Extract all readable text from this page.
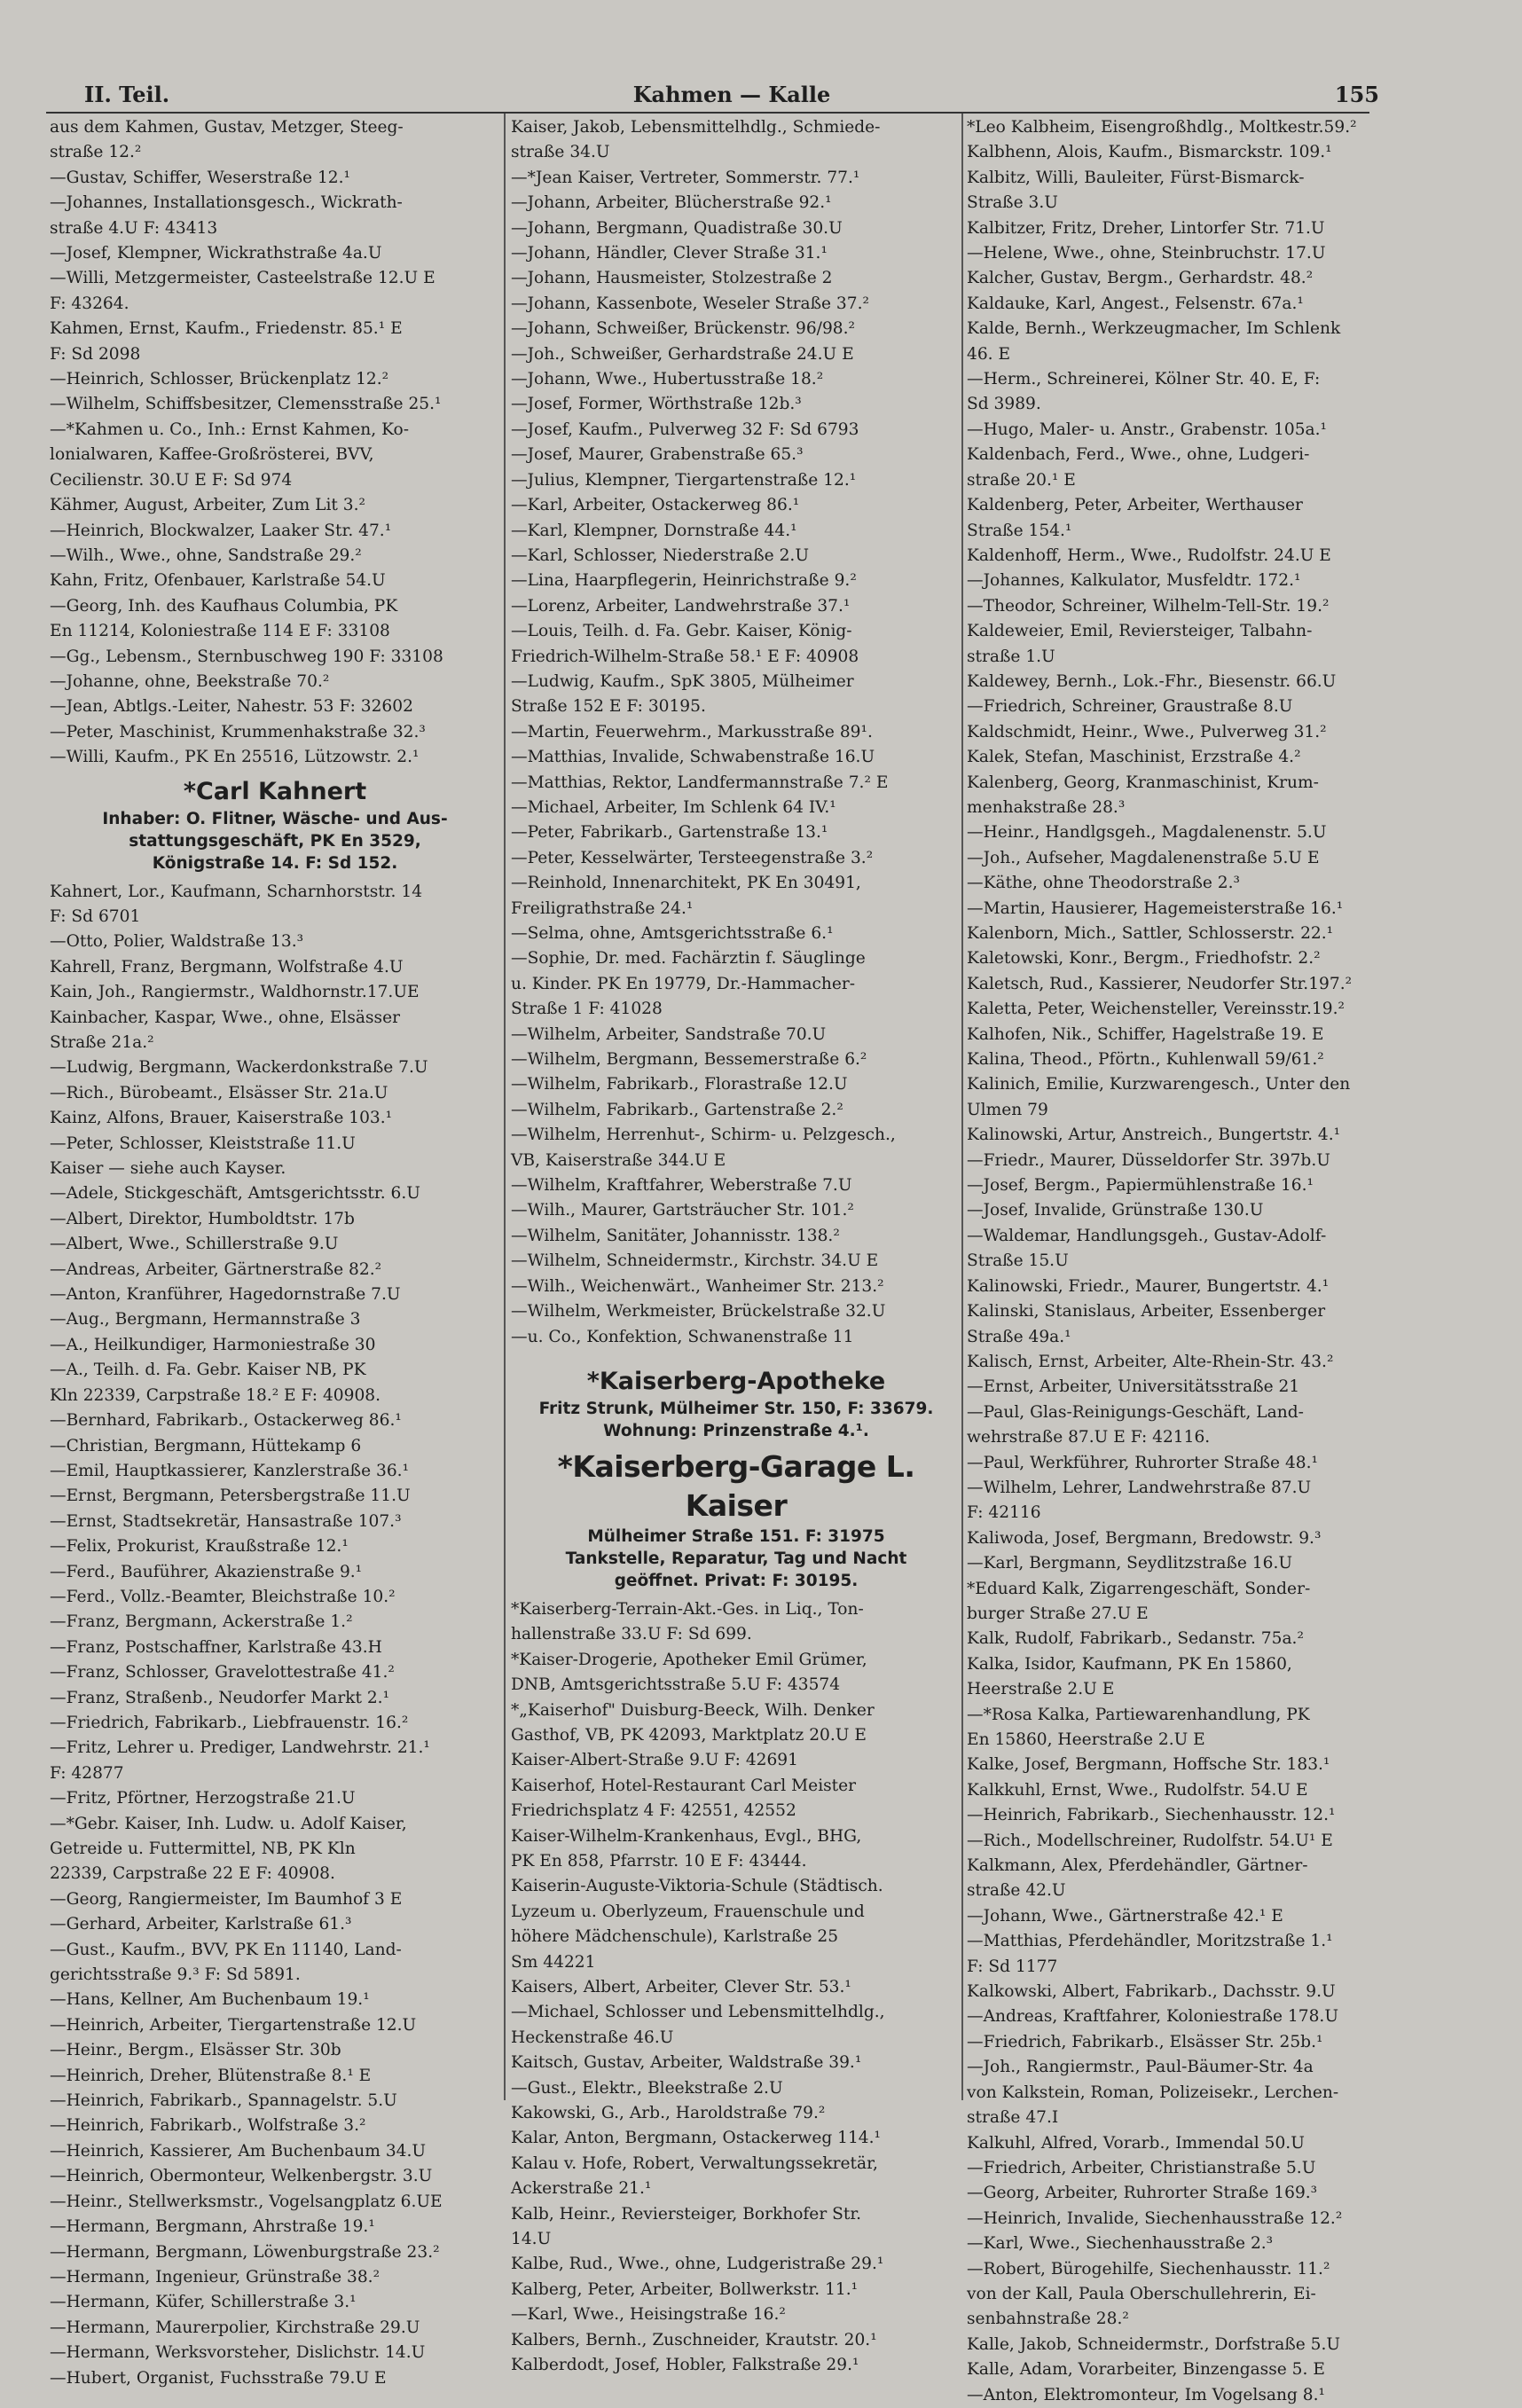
II. Teil.	Kahmen — Kalle	155
aus dem Kahmen, Gustav, Metzger, Steeg-
straße 12.²
—Gustav, Schiffer, Weserstraße 12.¹
—Johannes, Installationsgesch., Wickrath-
straße 4.U F: 43413
—Josef, Klempner, Wickrathstraße 4a.U
—Willi, Metzgermeister, Casteelstraße 12.U E
F: 43264.
Kahmen, Ernst, Kaufm., Friedenstr. 85.¹ E
F: Sd 2098
—Heinrich, Schlosser, Brückenplatz 12.²
—Wilhelm, Schiffsbesitzer, Clemensstraße 25.¹
—*Kahmen u. Co., Inh.: Ernst Kahmen, Ko-
lonialwaren, Kaffee-Großrösterei, BVV,
Cecilienstr. 30.U E F: Sd 974
Kähmer, August, Arbeiter, Zum Lit 3.²
—Heinrich, Blockwalzer, Laaker Str. 47.¹
—Wilh., Wwe., ohne, Sandstraße 29.²
Kahn, Fritz, Ofenbauer, Karlstraße 54.U
—Georg, Inh. des Kaufhaus Columbia, PK
En 11214, Koloniestraße 114 E F: 33108
—Gg., Lebensm., Sternbuschweg 190 F: 33108
—Johanne, ohne, Beekstraße 70.²
—Jean, Abtlgs.-Leiter, Nahestr. 53 F: 32602
—Peter, Maschinist, Krummenhakstraße 32.³
—Willi, Kaufm., PK En 25516, Lützowstr. 2.¹
*Carl Kahnert
Inhaber: O. Flitner, Wäsche- und Aus-
stattungsgeschäft, PK En 3529,
Königstraße 14. F: Sd 152.
Kahnert, Lor., Kaufmann, Scharnhorststr. 14
F: Sd 6701
—Otto, Polier, Waldstraße 13.³
Kahrell, Franz, Bergmann, Wolfstraße 4.U
Kain, Joh., Rangiermstr., Waldhornstr.17.UE
Kainbacher, Kaspar, Wwe., ohne, Elsässer
Straße 21a.²
—Ludwig, Bergmann, Wackerdonkstraße 7.U
—Rich., Bürobeamt., Elsässer Str. 21a.U
Kainz, Alfons, Brauer, Kaiserstraße 103.¹
—Peter, Schlosser, Kleiststraße 11.U
Kaiser — siehe auch Kayser.
—Adele, Stickgeschäft, Amtsgerichtsstr. 6.U
—Albert, Direktor, Humboldtstr. 17b
—Albert, Wwe., Schillerstraße 9.U
—Andreas, Arbeiter, Gärtnerstraße 82.²
—Anton, Kranführer, Hagedornstraße 7.U
—Aug., Bergmann, Hermannstraße 3
—A., Heilkundiger, Harmoniestraße 30
—A., Teilh. d. Fa. Gebr. Kaiser NB, PK
Kln 22339, Carpstraße 18.² E F: 40908.
—Bernhard, Fabrikarb., Ostackerweg 86.¹
—Christian, Bergmann, Hüttekamp 6
—Emil, Hauptkassierer, Kanzlerstraße 36.¹
—Ernst, Bergmann, Petersbergstraße 11.U
—Ernst, Stadtsekretär, Hansastraße 107.³
—Felix, Prokurist, Kraußstraße 12.¹
—Ferd., Bauführer, Akazienstraße 9.¹
—Ferd., Vollz.-Beamter, Bleichstraße 10.²
—Franz, Bergmann, Ackerstraße 1.²
—Franz, Postschaffner, Karlstraße 43.H
—Franz, Schlosser, Gravelottestraße 41.²
—Franz, Straßenb., Neudorfer Markt 2.¹
—Friedrich, Fabrikarb., Liebfrauenstr. 16.²
—Fritz, Lehrer u. Prediger, Landwehrstr. 21.¹
F: 42877
—Fritz, Pförtner, Herzogstraße 21.U
—*Gebr. Kaiser, Inh. Ludw. u. Adolf Kaiser,
Getreide u. Futtermittel, NB, PK Kln
22339, Carpstraße 22 E F: 40908.
—Georg, Rangiermeister, Im Baumhof 3 E
—Gerhard, Arbeiter, Karlstraße 61.³
—Gust., Kaufm., BVV, PK En 11140, Land-
gerichtsstraße 9.³ F: Sd 5891.
—Hans, Kellner, Am Buchenbaum 19.¹
—Heinrich, Arbeiter, Tiergartenstraße 12.U
—Heinr., Bergm., Elsässer Str. 30b
—Heinrich, Dreher, Blütenstraße 8.¹ E
—Heinrich, Fabrikarb., Spannagelstr. 5.U
—Heinrich, Fabrikarb., Wolfstraße 3.²
—Heinrich, Kassierer, Am Buchenbaum 34.U
—Heinrich, Obermonteur, Welkenbergstr. 3.U
—Heinr., Stellwerksmstr., Vogelsangplatz 6.UE
—Hermann, Bergmann, Ahrstraße 19.¹
—Hermann, Bergmann, Löwenburgstraße 23.²
—Hermann, Ingenieur, Grünstraße 38.²
—Hermann, Küfer, Schillerstraße 3.¹
—Hermann, Maurerpolier, Kirchstraße 29.U
—Hermann, Werksvorsteher, Dislichstr. 14.U
—Hubert, Organist, Fuchsstraße 79.U E
Kaiser, Jakob, Lebensmittelhdlg., Schmiede-
straße 34.U
—*Jean Kaiser, Vertreter, Sommerstr. 77.¹
—Johann, Arbeiter, Blücherstraße 92.¹
—Johann, Bergmann, Quadistraße 30.U
—Johann, Händler, Clever Straße 31.¹
—Johann, Hausmeister, Stolzestraße 2
—Johann, Kassenbote, Weseler Straße 37.²
—Johann, Schweißer, Brückenstr. 96/98.²
—Joh., Schweißer, Gerhardstraße 24.U E
—Johann, Wwe., Hubertusstraße 18.²
—Josef, Former, Wörthstraße 12b.³
—Josef, Kaufm., Pulverweg 32 F: Sd 6793
—Josef, Maurer, Grabenstraße 65.³
—Julius, Klempner, Tiergartenstraße 12.¹
—Karl, Arbeiter, Ostackerweg 86.¹
—Karl, Klempner, Dornstraße 44.¹
—Karl, Schlosser, Niederstraße 2.U
—Lina, Haarpflegerin, Heinrichstraße 9.²
—Lorenz, Arbeiter, Landwehrstraße 37.¹
—Louis, Teilh. d. Fa. Gebr. Kaiser, König-
Friedrich-Wilhelm-Straße 58.¹ E F: 40908
—Ludwig, Kaufm., SpK 3805, Mülheimer
Straße 152 E F: 30195.
—Martin, Feuerwehrm., Markusstraße 89¹.
—Matthias, Invalide, Schwabenstraße 16.U
—Matthias, Rektor, Landfermannstraße 7.² E
—Michael, Arbeiter, Im Schlenk 64 IV.¹
—Peter, Fabrikarb., Gartenstraße 13.¹
—Peter, Kesselwärter, Tersteegenstraße 3.²
—Reinhold, Innenarchitekt, PK En 30491,
Freiligrathstraße 24.¹
—Selma, ohne, Amtsgerichtsstraße 6.¹
—Sophie, Dr. med. Fachärztin f. Säuglinge
u. Kinder. PK En 19779, Dr.-Hammacher-
Straße 1 F: 41028
—Wilhelm, Arbeiter, Sandstraße 70.U
—Wilhelm, Bergmann, Bessemerstraße 6.²
—Wilhelm, Fabrikarb., Florastraße 12.U
—Wilhelm, Fabrikarb., Gartenstraße 2.²
—Wilhelm, Herrenhut-, Schirm- u. Pelzgesch.,
VB, Kaiserstraße 344.U E
—Wilhelm, Kraftfahrer, Weberstraße 7.U
—Wilh., Maurer, Gartsträucher Str. 101.²
—Wilhelm, Sanitäter, Johannisstr. 138.²
—Wilhelm, Schneidermstr., Kirchstr. 34.U E
—Wilh., Weichenwärt., Wanheimer Str. 213.²
—Wilhelm, Werkmeister, Brückelstraße 32.U
—u. Co., Konfektion, Schwanenstraße 11
*Kaiserberg-Apotheke
Fritz Strunk, Mülheimer Str. 150, F: 33679.
Wohnung: Prinzenstraße 4.¹.
*Kaiserberg-Garage L. Kaiser
Mülheimer Straße 151. F: 31975
Tankstelle, Reparatur, Tag und Nacht
geöffnet. Privat: F: 30195.
*Kaiserberg-Terrain-Akt.-Ges. in Liq., Ton-
hallenstraße 33.U F: Sd 699.
*Kaiser-Drogerie, Apotheker Emil Grümer,
DNB, Amtsgerichtsstraße 5.U F: 43574
*„Kaiserhof" Duisburg-Beeck, Wilh. Denker
Gasthof, VB, PK 42093, Marktplatz 20.U E
Kaiser-Albert-Straße 9.U F: 42691
Kaiserhof, Hotel-Restaurant Carl Meister
Friedrichsplatz 4 F: 42551, 42552
Kaiser-Wilhelm-Krankenhaus, Evgl., BHG,
PK En 858, Pfarrstr. 10 E F: 43444.
Kaiserin-Auguste-Viktoria-Schule (Städtisch.
Lyzeum u. Oberlyzeum, Frauenschule und
höhere Mädchenschule), Karlstraße 25
Sm 44221
Kaisers, Albert, Arbeiter, Clever Str. 53.¹
—Michael, Schlosser und Lebensmittelhdlg.,
Heckenstraße 46.U
Kaitsch, Gustav, Arbeiter, Waldstraße 39.¹
—Gust., Elektr., Bleekstraße 2.U
Kakowski, G., Arb., Haroldstraße 79.²
Kalar, Anton, Bergmann, Ostackerweg 114.¹
Kalau v. Hofe, Robert, Verwaltungssekretär,
Ackerstraße 21.¹
Kalb, Heinr., Reviersteiger, Borkhofer Str.
14.U
Kalbe, Rud., Wwe., ohne, Ludgeristraße 29.¹
Kalberg, Peter, Arbeiter, Bollwerkstr. 11.¹
—Karl, Wwe., Heisingstraße 16.²
Kalbers, Bernh., Zuschneider, Krautstr. 20.¹
Kalberdodt, Josef, Hobler, Falkstraße 29.¹
*Leo Kalbheim, Eisengroßhdlg., Moltkestr.59.²
Kalbhenn, Alois, Kaufm., Bismarckstr. 109.¹
Kalbitz, Willi, Bauleiter, Fürst-Bismarck-
Straße 3.U
Kalbitzer, Fritz, Dreher, Lintorfer Str. 71.U
—Helene, Wwe., ohne, Steinbruchstr. 17.U
Kalcher, Gustav, Bergm., Gerhardstr. 48.²
Kaldauke, Karl, Angest., Felsenstr. 67a.¹
Kalde, Bernh., Werkzeugmacher, Im Schlenk
46. E
—Herm., Schreinerei, Kölner Str. 40. E, F:
Sd 3989.
—Hugo, Maler- u. Anstr., Grabenstr. 105a.¹
Kaldenbach, Ferd., Wwe., ohne, Ludgeri-
straße 20.¹ E
Kaldenberg, Peter, Arbeiter, Werthauser
Straße 154.¹
Kaldenhoff, Herm., Wwe., Rudolfstr. 24.U E
—Johannes, Kalkulator, Musfeldtr. 172.¹
—Theodor, Schreiner, Wilhelm-Tell-Str. 19.²
Kaldeweier, Emil, Reviersteiger, Talbahn-
straße 1.U
Kaldewey, Bernh., Lok.-Fhr., Biesenstr. 66.U
—Friedrich, Schreiner, Graustraße 8.U
Kaldschmidt, Heinr., Wwe., Pulverweg 31.²
Kalek, Stefan, Maschinist, Erzstraße 4.²
Kalenberg, Georg, Kranmaschinist, Krum-
menhakstraße 28.³
—Heinr., Handlgsgeh., Magdalenenstr. 5.U
—Joh., Aufseher, Magdalenenstraße 5.U E
—Käthe, ohne Theodorstraße 2.³
—Martin, Hausierer, Hagemeisterstraße 16.¹
Kalenborn, Mich., Sattler, Schlosserstr. 22.¹
Kaletowski, Konr., Bergm., Friedhofstr. 2.²
Kaletsch, Rud., Kassierer, Neudorfer Str.197.²
Kaletta, Peter, Weichensteller, Vereinsstr.19.²
Kalhofen, Nik., Schiffer, Hagelstraße 19. E
Kalina, Theod., Pförtn., Kuhlenwall 59/61.²
Kalinich, Emilie, Kurzwarengesch., Unter den
Ulmen 79
Kalinowski, Artur, Anstreich., Bungertstr. 4.¹
—Friedr., Maurer, Düsseldorfer Str. 397b.U
—Josef, Bergm., Papiermühlenstraße 16.¹
—Josef, Invalide, Grünstraße 130.U
—Waldemar, Handlungsgeh., Gustav-Adolf-
Straße 15.U
Kalinowski, Friedr., Maurer, Bungertstr. 4.¹
Kalinski, Stanislaus, Arbeiter, Essenberger
Straße 49a.¹
Kalisch, Ernst, Arbeiter, Alte-Rhein-Str. 43.²
—Ernst, Arbeiter, Universitätsstraße 21
—Paul, Glas-Reinigungs-Geschäft, Land-
wehrstraße 87.U E F: 42116.
—Paul, Werkführer, Ruhrorter Straße 48.¹
—Wilhelm, Lehrer, Landwehrstraße 87.U
F: 42116
Kaliwoda, Josef, Bergmann, Bredowstr. 9.³
—Karl, Bergmann, Seydlitzstraße 16.U
*Eduard Kalk, Zigarrengeschäft, Sonder-
burger Straße 27.U E
Kalk, Rudolf, Fabrikarb., Sedanstr. 75a.²
Kalka, Isidor, Kaufmann, PK En 15860,
Heerstraße 2.U E
—*Rosa Kalka, Partiewarenhandlung, PK
En 15860, Heerstraße 2.U E
Kalke, Josef, Bergmann, Hoffsche Str. 183.¹
Kalkkuhl, Ernst, Wwe., Rudolfstr. 54.U E
—Heinrich, Fabrikarb., Siechenhausstr. 12.¹
—Rich., Modellschreiner, Rudolfstr. 54.U¹ E
Kalkmann, Alex, Pferdehändler, Gärtner-
straße 42.U
—Johann, Wwe., Gärtnerstraße 42.¹ E
—Matthias, Pferdehändler, Moritzstraße 1.¹
F: Sd 1177
Kalkowski, Albert, Fabrikarb., Dachsstr. 9.U
—Andreas, Kraftfahrer, Koloniestraße 178.U
—Friedrich, Fabrikarb., Elsässer Str. 25b.¹
—Joh., Rangiermstr., Paul-Bäumer-Str. 4a
von Kalkstein, Roman, Polizeisekr., Lerchen-
straße 47.I
Kalkuhl, Alfred, Vorarb., Immendal 50.U
—Friedrich, Arbeiter, Christianstraße 5.U
—Georg, Arbeiter, Ruhrorter Straße 169.³
—Heinrich, Invalide, Siechenhausstraße 12.²
—Karl, Wwe., Siechenhausstraße 2.³
—Robert, Bürogehilfe, Siechenhausstr. 11.²
von der Kall, Paula Oberschullehrerin, Ei-
senbahnstraße 28.²
Kalle, Jakob, Schneidermstr., Dorfstraße 5.U
Kalle, Adam, Vorarbeiter, Binzengasse 5. E
—Anton, Elektromonteur, Im Vogelsang 8.¹
